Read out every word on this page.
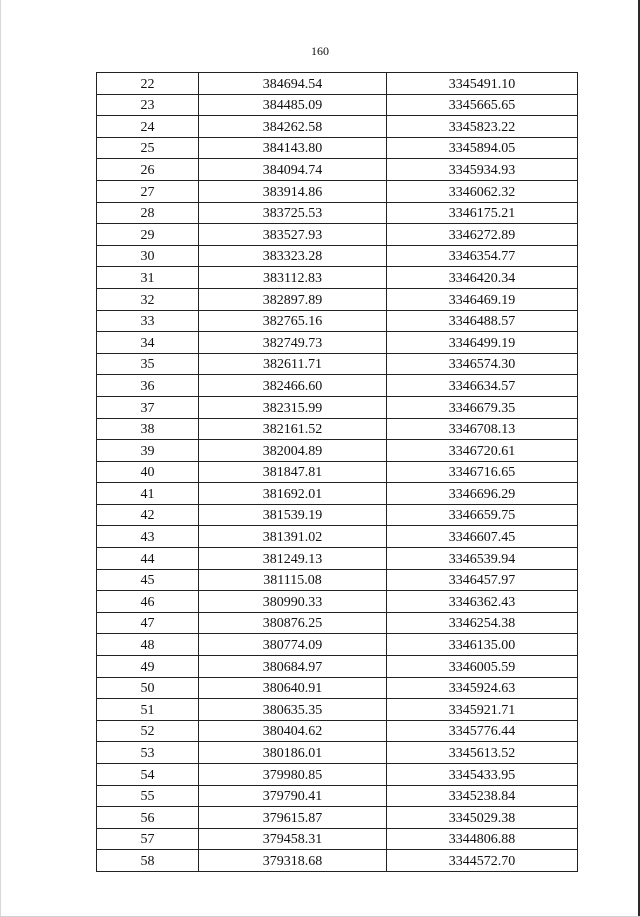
160
22	384694.54	3345491.10
23	384485.09	3345665.65
24	384262.58	3345823.22
25	384143.80	3345894.05
26	384094.74	3345934.93
27	383914.86	3346062.32
28	383725.53	3346175.21
29	383527.93	3346272.89
30	383323.28	3346354.77
31	383112.83	3346420.34
32	382897.89	3346469.19
33	382765.16	3346488.57
34	382749.73	3346499.19
35	382611.71	3346574.30
36	382466.60	3346634.57
37	382315.99	3346679.35
38	382161.52	3346708.13
39	382004.89	3346720.61
40	381847.81	3346716.65
41	381692.01	3346696.29
42	381539.19	3346659.75
43	381391.02	3346607.45
44	381249.13	3346539.94
45	381115.08	3346457.97
46	380990.33	3346362.43
47	380876.25	3346254.38
48	380774.09	3346135.00
49	380684.97	3346005.59
50	380640.91	3345924.63
51	380635.35	3345921.71
52	380404.62	3345776.44
53	380186.01	3345613.52
54	379980.85	3345433.95
55	379790.41	3345238.84
56	379615.87	3345029.38
57	379458.31	3344806.88
58	379318.68	3344572.70
